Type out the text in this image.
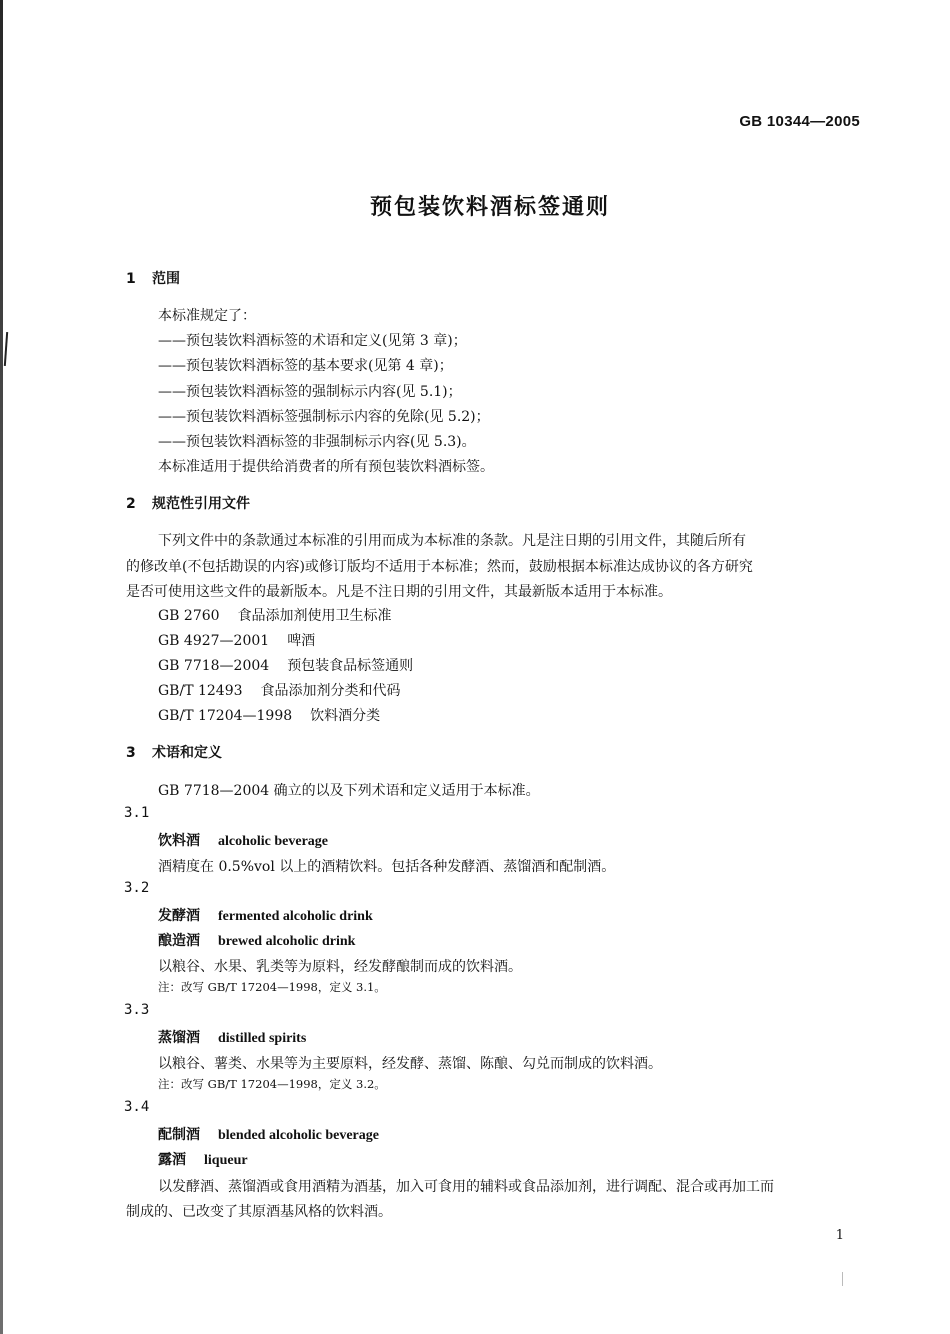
GB 10344—2005
预包装饮料酒标签通则
1 范围
本标准规定了：
——预包装饮料酒标签的术语和定义(见第 3 章)；
——预包装饮料酒标签的基本要求(见第 4 章)；
——预包装饮料酒标签的强制标示内容(见 5.1)；
——预包装饮料酒标签强制标示内容的免除(见 5.2)；
——预包装饮料酒标签的非强制标示内容(见 5.3)。
本标准适用于提供给消费者的所有预包装饮料酒标签。
2 规范性引用文件
下列文件中的条款通过本标准的引用而成为本标准的条款。凡是注日期的引用文件，其随后所有
的修改单(不包括勘误的内容)或修订版均不适用于本标准；然而，鼓励根据本标准达成协议的各方研究
是否可使用这些文件的最新版本。凡是不注日期的引用文件，其最新版本适用于本标准。
GB 2760 食品添加剂使用卫生标准
GB 4927—2001 啤酒
GB 7718—2004 预包装食品标签通则
GB/T 12493 食品添加剂分类和代码
GB/T 17204—1998 饮料酒分类
3 术语和定义
GB 7718—2004 确立的以及下列术语和定义适用于本标准。
3.1
饮料酒 alcoholic beverage
酒精度在 0.5%vol 以上的酒精饮料。包括各种发酵酒、蒸馏酒和配制酒。
3.2
发酵酒 fermented alcoholic drink
酿造酒 brewed alcoholic drink
以粮谷、水果、乳类等为原料，经发酵酿制而成的饮料酒。
注：改写 GB/T 17204—1998，定义 3.1。
3.3
蒸馏酒 distilled spirits
以粮谷、薯类、水果等为主要原料，经发酵、蒸馏、陈酿、勾兑而制成的饮料酒。
注：改写 GB/T 17204—1998，定义 3.2。
3.4
配制酒 blended alcoholic beverage
露酒 liqueur
以发酵酒、蒸馏酒或食用酒精为酒基，加入可食用的辅料或食品添加剂，进行调配、混合或再加工而
制成的、已改变了其原酒基风格的饮料酒。
1
